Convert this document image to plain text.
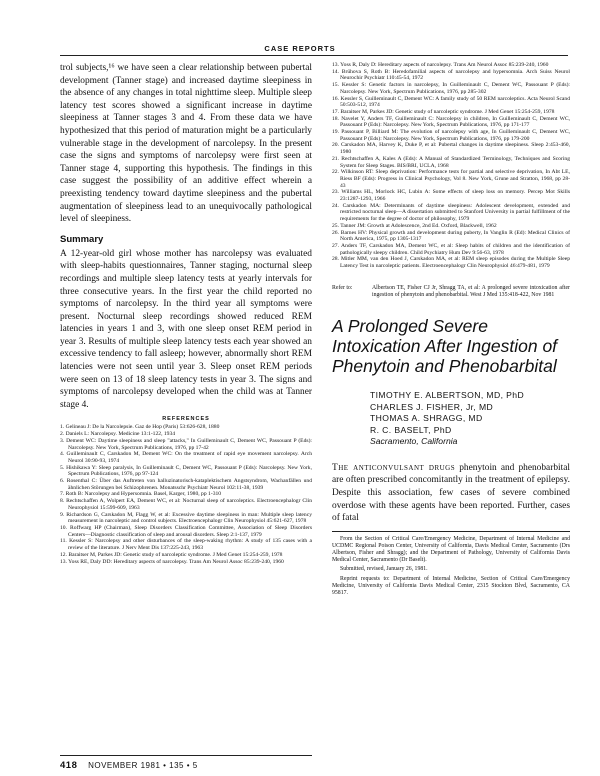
CASE REPORTS

trol subjects,¹⁶ we have seen a clear relationship between pubertal development (Tanner stage) and increased daytime sleepiness in the absence of any changes in total nighttime sleep. Multiple sleep latency test scores showed a significant increase in daytime sleepiness at Tanner stages 3 and 4. From these data we have hypothesized that this period of maturation might be a particularly vulnerable stage in the development of narcolepsy. In the present case the signs and symptoms of narcolepsy were first seen at Tanner stage 4, supporting this hypothesis. The findings in this case suggest the possibility of an additive effect wherein a preexisting tendency toward daytime sleepiness and the pubertal augmentation of sleepiness lead to an unequivocally pathological level of sleepiness.

Summary

A 12-year-old girl whose mother has narcolepsy was evaluated with sleep-habits questionnaires, Tanner staging, nocturnal sleep recordings and multiple sleep latency tests at yearly intervals for three consecutive years. In the first year the child reported no symptoms of narcolepsy. In the third year all symptoms were present. Nocturnal sleep recordings showed reduced REM latencies in years 1 and 3, with one sleep onset REM period in year 3. Results of multiple sleep latency tests each year showed an excessive tendency to fall asleep; however, abnormally short REM latencies were not seen until year 3. Sleep onset REM periods were seen on 13 of 18 sleep latency tests in year 3. The signs and symptoms of narcolepsy developed when the child was at Tanner stage 4.

REFERENCES
1. Gelineau J: De la Narcolepsie. Gaz de Hop (Paris) 53:626-628, 1880
2. Daniels L: Narcolepsy. Medicine 13:1-122, 1934
3. Dement WC: Daytime sleepiness and sleep "attacks," In Guilleminault C, Dement WC, Passouant P (Eds): Narcolepsy. New York, Spectrum Publications, 1976, pp 17-42
4. Guilleminault C, Carskadon M, Dement WC: On the treatment of rapid eye movement narcolepsy. Arch Neurol 30:90-93, 1974
5. Hishikawa Y: Sleep paralysis, In Guilleminault C, Dement WC, Passouant P (Eds): Narcolepsy. New York, Spectrum Publications, 1976, pp 97-124
6. Rosenthal C: Über das Auftreten von halluzinatorisch-kataplektischem Angstsyndrom, Wachanfällen und ähnlichen Störungen bei Schizophrenen. Monatsschr Psychiatr Neurol 102:11-38, 1939
7. Roth B: Narcolepsy and Hypersomnia. Basel, Karger, 1980, pp 1-310
8. Rechtschaffen A, Wolpert EA, Dement WC, et al: Nocturnal sleep of narcoleptics. Electroencephalogr Clin Neurophysiol 15:599-609, 1963
9. Richardson G, Carskadon M, Flagg W, et al: Excessive daytime sleepiness in man: Multiple sleep latency measurement in narcoleptic and control subjects. Electroencephalogr Clin Neurophysiol 45:621-627, 1978
10. Roffwarg HP (Chairman), Sleep Disorders Classification Committee, Association of Sleep Disorders Centers—Diagnostic classification of sleep and arousal disorders. Sleep 2:1-137, 1979
11. Kessler S: Narcolepsy and other disturbances of the sleep-waking rhythm: A study of 135 cases with a review of the literature. J Nerv Ment Dis 137:225-243, 1963
12. Baraitser M, Parkes JD: Genetic study of narcoleptic syndrome. J Med Genet 15:254-259, 1978
13. Yoss RE, Daly DD: Hereditary aspects of narcolepsy. Trans Am Neurol Assoc 85:239-240, 1960
13. Yoss R, Daly D: Hereditary aspects of narcolepsy. Trans Am Neurol Assoc 85:239-240, 1960
14. Brühova S, Roth B: Heredofamilial aspects of narcolepsy and hypersomnia. Arch Suiss Neurol Neurochir Psychiatr 110:45-54, 1972
15. Kessler S: Genetic factors in narcolepsy, In Guilleminault C, Dement WC, Passouant P (Eds): Narcolepsy. New York, Spectrum Publications, 1976, pp 285-302
16. Kessler S, Guilleminault C, Dement WC: A family study of 50 REM narcoleptics. Acta Neurol Scand 50:503-512, 1974
17. Baraitser M, Parkes JD: Genetic study of narcoleptic syndrome. J Med Genet 15:254-259, 1978
18. Navelet Y, Anders TF, Guilleminault C: Narcolepsy in children, In Guilleminault C, Dement WC, Passouant P (Eds): Narcolepsy. New York, Spectrum Publications, 1976, pp 171-177
19. Passouant P, Billiard M: The evolution of narcolepsy with age, In Guilleminault C, Dement WC, Passouant P (Eds): Narcolepsy. New York, Spectrum Publications, 1976, pp 179-200
20. Carskadon MA, Harvey K, Duke P, et al: Pubertal changes in daytime sleepiness. Sleep 2:453-460, 1980
21. Rechtschaffen A, Kales A (Eds): A Manual of Standardized Terminology, Techniques and Scoring System for Sleep Stages. BIS/BRI, UCLA, 1968
22. Wilkinson RT: Sleep deprivation: Performance tests for partial and selective deprivation, In Abt LE, Riess BF (Eds): Progress in Clinical Psychology, Vol 8. New York, Grune and Stratton, 1968, pp 28-43
23. Williams HL, Morlock HC, Lubin A: Some effects of sleep loss on memory. Percep Mot Skills 23:1287-1293, 1966
24. Carskadon MA: Determinants of daytime sleepiness: Adolescent development, extended and restricted nocturnal sleep—A dissertation submitted to Stanford University in partial fulfillment of the requirements for the degree of doctor of philosophy, 1979
25. Tanner JM: Growth at Adolescence, 2nd Ed. Oxford, Blackwell, 1962
26. Barnes HV: Physical growth and development during puberty, In Vanglin R (Ed): Medical Clinics of North America, 1975, pp 1305-1317
27. Anders TF, Carskadon MA, Dement WC, et al: Sleep habits of children and the identification of pathologically sleepy children. Child Psychiatry Hum Dev 9:56-63, 1978
28. Mitler MM, van den Hoed J, Carskadon MA, et al: REM sleep episodes during the Multiple Sleep Latency Test in narcoleptic patients. Electroencephalogr Clin Neurophysiol 46:479-481, 1979
Refer to:	Albertson TE, Fisher CJ Jr, Shragg TA, et al: A prolonged severe intoxication after ingestion of phenytoin and phenobarbital. West J Med 135:418-422, Nov 1981
A Prolonged Severe Intoxication After Ingestion of Phenytoin and Phenobarbital
TIMOTHY E. ALBERTSON, MD, PhD
CHARLES J. FISHER, Jr, MD
THOMAS A. SHRAGG, MD
R. C. BASELT, PhD
Sacramento, California

The anticonvulsant drugs phenytoin and phenobarbital are often prescribed concomitantly in the treatment of epilepsy. Despite this association, few cases of severe combined overdose with these agents have been reported. Further, cases of fatal

From the Section of Critical Care/Emergency Medicine, Department of Internal Medicine and UCDMC Regional Poison Center, University of California, Davis Medical Center, Sacramento (Drs Albertson, Fisher and Shragg); and the Department of Pathology, University of California Davis Medical Center, Sacramento (Dr Baselt).

Submitted, revised, January 26, 1981.

Reprint requests to: Department of Internal Medicine, Section of Critical Care/Emergency Medicine, University of California Davis Medical Center, 2315 Stockton Blvd, Sacramento, CA 95817.

418 NOVEMBER 1981 • 135 • 5
